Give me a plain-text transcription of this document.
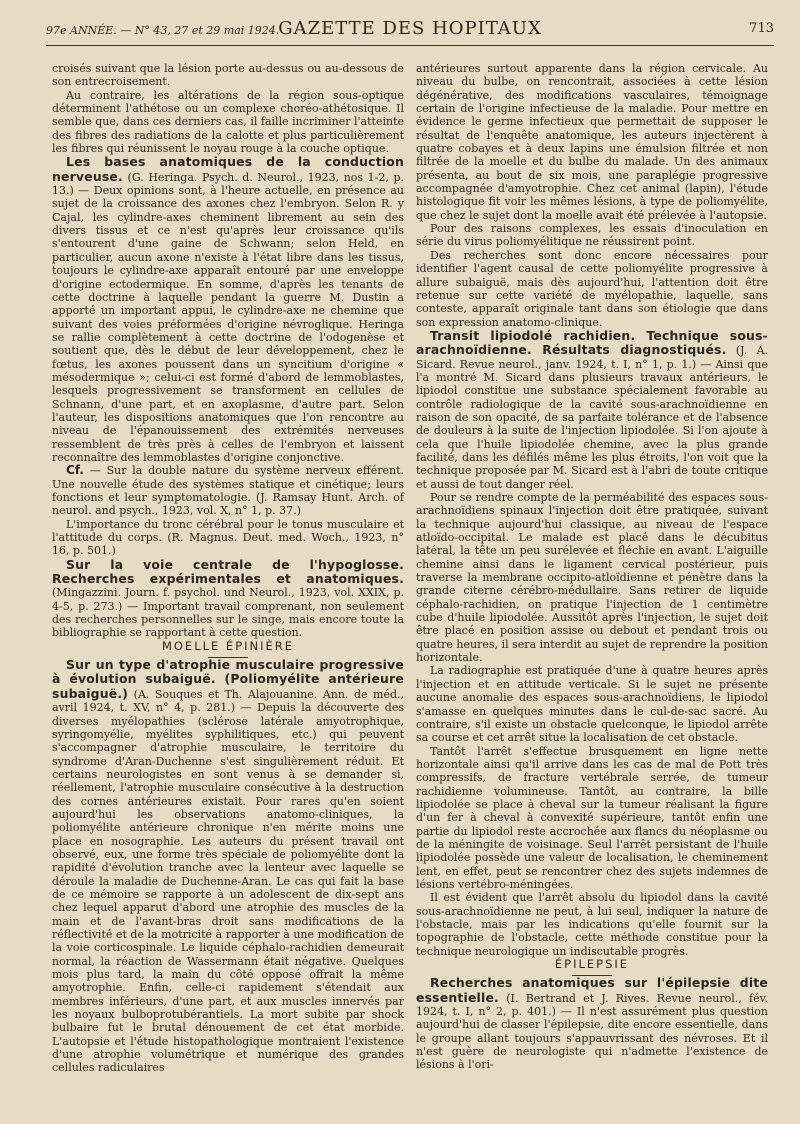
97e ANNÉE. — N° 43, 27 et 29 mai 1924.
GAZETTE DES HOPITAUX	713

croisés suivant que la lésion porte au-dessus ou au-dessous de son entrecroisement.

Au contraire, les altérations de la région sous-optique déterminent l'athétose ou un complexe choréo-athétosique. Il semble que, dans ces derniers cas, il faille incriminer l'atteinte des fibres des radiations de la calotte et plus particulièrement les fibres qui réunissent le noyau rouge à la couche optique.

Les bases anatomiques de la conduction nerveuse. (G. Heringa. Psych. d. Neurol., 1923, nos 1-2, p. 13.) — Deux opinions sont, à l'heure actuelle, en présence au sujet de la croissance des axones chez l'embryon. Selon R. y Cajal, les cylindre-axes cheminent librement au sein des divers tissus et ce n'est qu'après leur croissance qu'ils s'entourent d'une gaine de Schwann; selon Held, en particulier, aucun axone n'existe à l'état libre dans les tissus, toujours le cylindre-axe apparaît entouré par une enveloppe d'origine ectodermique. En somme, d'après les tenants de cette doctrine à laquelle pendant la guerre M. Dustin a apporté un important appui, le cylindre-axe ne chemine que suivant des voies préformées d'origine névroglique. Heringa se rallie complètement à cette doctrine de l'odogenèse et soutient que, dès le début de leur développement, chez le fœtus, les axones poussent dans un syncitium d'origine « mésodermique »; celui-ci est formé d'abord de lemmoblastes, lesquels progressivement se transforment en cellules de Schnann, d'une part, et en axoplasme, d'autre part. Selon l'auteur, les dispositions anatomiques que l'on rencontre au niveau de l'épanouissement des extrémités nerveuses ressemblent de très près à celles de l'embryon et laissent reconnaître des lemmoblastes d'origine conjonctive.

Cf. — Sur la double nature du système nerveux efférent. Une nouvelle étude des systèmes statique et cinétique; leurs fonctions et leur symptomatologie. (J. Ramsay Hunt. Arch. of neurol. and psych., 1923, vol. X, n° 1, p. 37.)

L'importance du tronc cérébral pour le tonus musculaire et l'attitude du corps. (R. Magnus. Deut. med. Woch., 1923, n° 16, p. 501.)

Sur la voie centrale de l'hypoglosse. Recherches expérimentales et anatomiques. (Mingazzini. Journ. f. psychol. und Neurol., 1923, vol. XXIX, p. 4-5, p. 273.) — Important travail comprenant, non seulement des recherches personnelles sur le singe, mais encore toute la bibliographie se rapportant à cette question.

MOELLE ÉPINIÈRE

Sur un type d'atrophie musculaire progressive à évolution subaiguë. (Poliomyélite antérieure subaiguë.) (A. Souques et Th. Alajouanine. Ann. de méd., avril 1924, t. XV, n° 4, p. 281.) — Depuis la découverte des diverses myélopathies (sclérose latérale amyotrophique, syringomyélie, myélites syphilitiques, etc.) qui peuvent s'accompagner d'atrophie musculaire, le territoire du syndrome d'Aran-Duchenne s'est singulièrement réduit. Et certains neurologistes en sont venus à se demander si, réellement, l'atrophie musculaire consécutive à la destruction des cornes antérieures existait. Pour rares qu'en soient aujourd'hui les observations anatomo-cliniques, la poliomyélite antérieure chronique n'en mérite moins une place en nosographie. Les auteurs du présent travail ont observé, eux, une forme très spéciale de poliomyélite dont la rapidité d'évolution tranche avec la lenteur avec laquelle se déroule la maladie de Duchenne-Aran. Le cas qui fait la base de ce mémoire se rapporte à un adolescent de dix-sept ans chez lequel apparut d'abord une atrophie des muscles de la main et de l'avant-bras droit sans modifications de la réflectivité et de la motricité à rapporter à une modification de la voie corticospinale. Le liquide céphalo-rachidien demeurait normal, la réaction de Wassermann était négative. Quelques mois plus tard, la main du côté opposé offrait la même amyotrophie. Enfin, celle-ci rapidement s'étendait aux membres inférieurs, d'une part, et aux muscles innervés par les noyaux bulboprotubérantiels. La mort subite par shock bulbaire fut le brutal dénouement de cet état morbide. L'autopsie et l'étude histopathologique montraient l'existence d'une atrophie volumétrique et numérique des grandes cellules radiculaires

antérieures surtout apparente dans la région cervicale. Au niveau du bulbe, on rencontrait, associées à cette lésion dégénérative, des modifications vasculaires, témoignage certain de l'origine infectieuse de la maladie. Pour mettre en évidence le germe infectieux que permettait de supposer le résultat de l'enquête anatomique, les auteurs injectèrent à quatre cobayes et à deux lapins une émulsion filtrée et non filtrée de la moelle et du bulbe du malade. Un des animaux présenta, au bout de six mois, une paraplégie progressive accompagnée d'amyotrophie. Chez cet animal (lapin), l'étude histologique fit voir les mêmes lésions, à type de poliomyélite, que chez le sujet dont la moelle avait été prélevée à l'autopsie.

Pour des raisons complexes, les essais d'inoculation en série du virus poliomyélitique ne réussirent point.

Des recherches sont donc encore nécessaires pour identifier l'agent causal de cette poliomyélite progressive à allure subaiguë, mais dès aujourd'hui, l'attention doit être retenue sur cette variété de myélopathie, laquelle, sans conteste, apparaît originale tant dans son étiologie que dans son expression anatomo-clinique.

Transit lipiodolé rachidien. Technique sous-arachnoïdienne. Résultats diagnostiqués. (J. A. Sicard. Revue neurol., janv. 1924, t. I, n° 1, p. 1.) — Ainsi que l'a montré M. Sicard dans plusieurs travaux antérieurs, le lipiodol constitue une substance spécialement favorable au contrôle radiologique de la cavité sous-arachnoïdienne en raison de son opacité, de sa parfaite tolérance et de l'absence de douleurs à la suite de l'injection lipiodolée. Si l'on ajoute à cela que l'huile lipiodolée chemine, avec la plus grande facilité, dans les défilés même les plus étroits, l'on voit que la technique proposée par M. Sicard est à l'abri de toute critique et aussi de tout danger réel.

Pour se rendre compte de la perméabilité des espaces sous-arachnoïdiens spinaux l'injection doit être pratiquée, suivant la technique aujourd'hui classique, au niveau de l'espace atloïdo-occipital. Le malade est placé dans le décubitus latéral, la tête un peu surélevée et fléchie en avant. L'aiguille chemine ainsi dans le ligament cervical postérieur, puis traverse la membrane occipito-atloïdienne et pénètre dans la grande citerne cérébro-médullaire. Sans retirer de liquide céphalo-rachidien, on pratique l'injection de 1 centimètre cube d'huile lipiodolée. Aussitôt après l'injection, le sujet doit être placé en position assise ou debout et pendant trois ou quatre heures, il sera interdit au sujet de reprendre la position horizontale.

La radiographie est pratiquée d'une à quatre heures après l'injection et en attitude verticale. Si le sujet ne présente aucune anomalie des espaces sous-arachnoïdiens, le lipiodol s'amasse en quelques minutes dans le cul-de-sac sacré. Au contraire, s'il existe un obstacle quelconque, le lipiodol arrête sa course et cet arrêt situe la localisation de cet obstacle.

Tantôt l'arrêt s'effectue brusquement en ligne nette horizontale ainsi qu'il arrive dans les cas de mal de Pott très compressifs, de fracture vertébrale serrée, de tumeur rachidienne volumineuse. Tantôt, au contraire, la bille lipiodolée se place à cheval sur la tumeur réalisant la figure d'un fer à cheval à convexité supérieure, tantôt enfin une partie du lipiodol reste accrochée aux flancs du néoplasme ou de la méningite de voisinage. Seul l'arrêt persistant de l'huile lipiodolée possède une valeur de localisation, le cheminement lent, en effet, peut se rencontrer chez des sujets indemnes de lésions vertébro-méningées.

Il est évident que l'arrêt absolu du lipiodol dans la cavité sous-arachnoïdienne ne peut, à lui seul, indiquer la nature de l'obstacle, mais par les indications qu'elle fournit sur la topographie de l'obstacle, cette méthode constitue pour la technique neurologique un indiscutable progrès.

ÉPILEPSIE

Recherches anatomiques sur l'épilepsie dite essentielle. (I. Bertrand et J. Rives. Revue neurol., fév. 1924, t. I, n° 2, p. 401.) — Il n'est assurément plus question aujourd'hui de classer l'épilepsie, dite encore essentielle, dans le groupe allant toujours s'appauvrissant des névroses. Et il n'est guère de neurologiste qui n'admette l'existence de lésions à l'ori-
